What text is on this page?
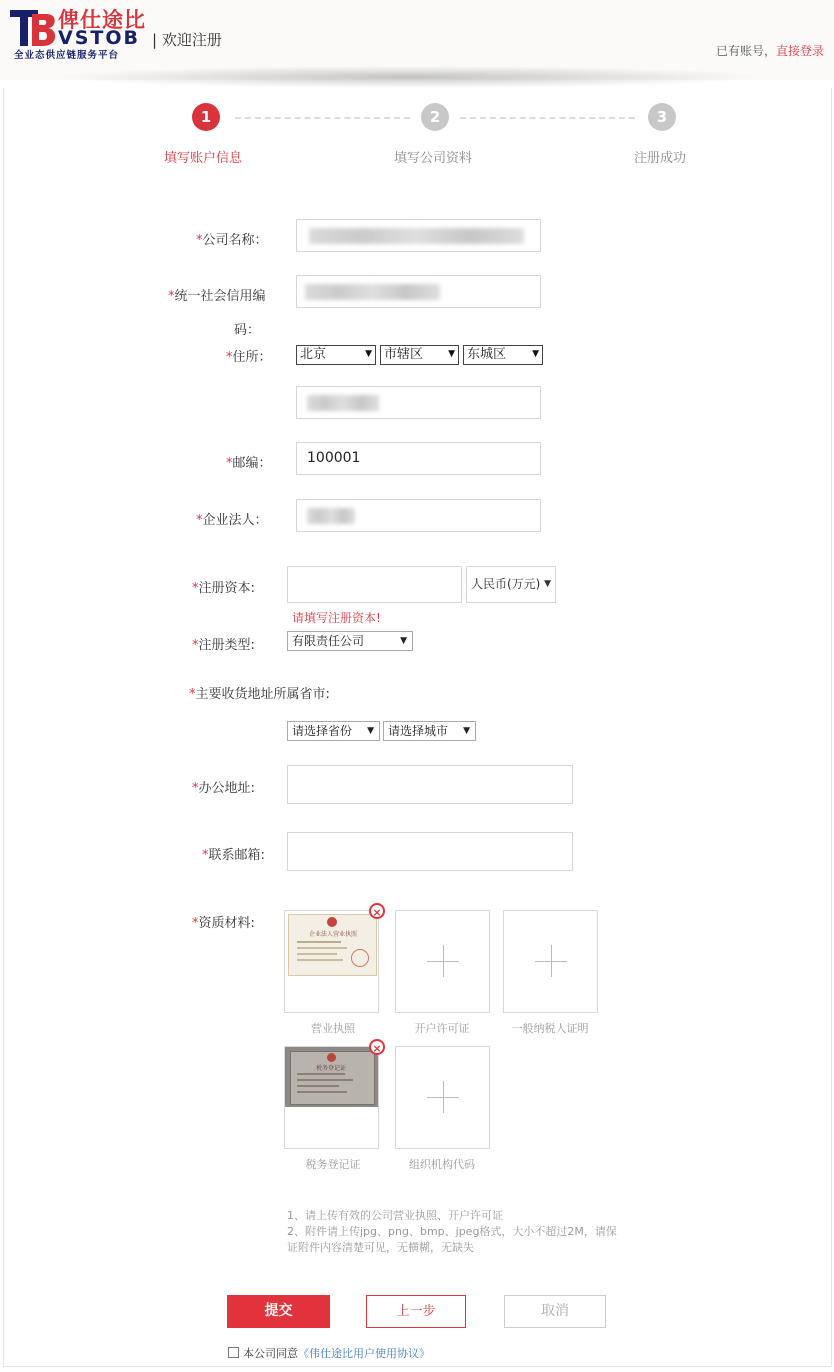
俾仕途比
VSTOB
全业态供应链服务平台
| 欢迎注册
已有账号， 直接登录
1	2	3
填写账户信息	填写公司资料	注册成功
*公司名称：
*统一社会信用编
码：
*住所：	北京	▼ 市辖区	▼ 东城区	▼
*邮编：	100001
*企业法人：
*注册资本:	人民币(万元) ▼
请填写注册资本!
*注册类型:	有限责任公司	▼
*主要收货地址所属省市:
请选择省份 ▼	请选择城市 ▼
*办公地址:
*联系邮箱:
*资质材料:
企业法人营业执照
×
营业执照	开户许可证	一般纳税人证明
税务登记证
×
税务登记证	组织机构代码
1、请上传有效的公司营业执照、开户许可证
2、附件请上传jpg、png、bmp、jpeg格式，大小不超过2M，请保证附件内容清楚可见，无横糊，无缺失
提交	上一步	取消
本公司同意《伟仕途比用户使用协议》
